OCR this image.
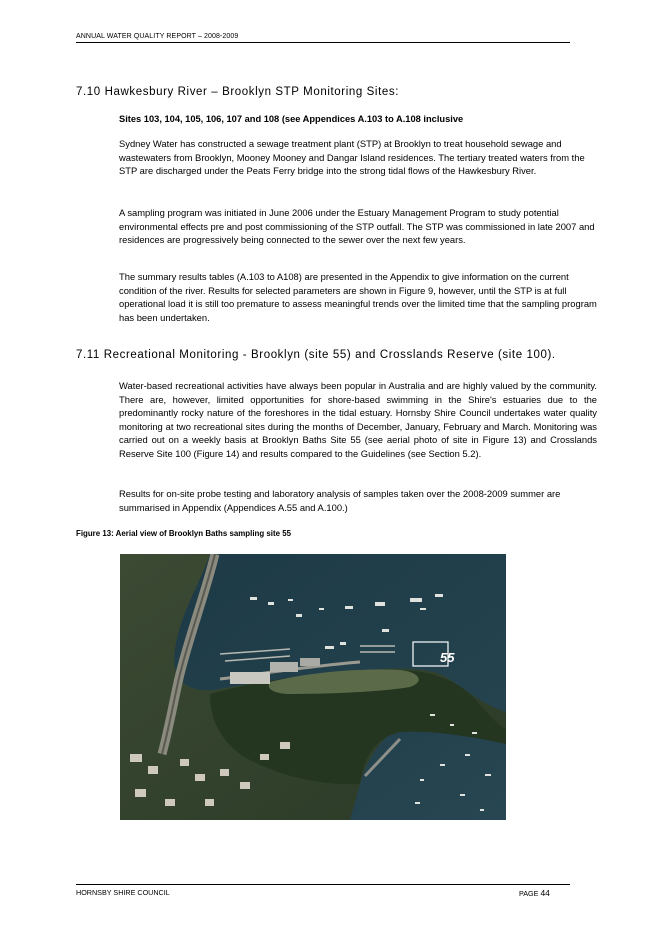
ANNUAL WATER QUALITY REPORT – 2008-2009
7.10 Hawkesbury River – Brooklyn STP Monitoring Sites:
Sites 103, 104, 105, 106, 107 and 108 (see Appendices A.103 to A.108 inclusive

Sydney Water has constructed a sewage treatment plant (STP) at Brooklyn to treat household sewage and wastewaters from Brooklyn, Mooney Mooney and Dangar Island residences. The tertiary treated waters from the STP are discharged under the Peats Ferry bridge into the strong tidal flows of the Hawkesbury River.

A sampling program was initiated in June 2006 under the Estuary Management Program to study potential environmental effects pre and post commissioning of the STP outfall. The STP was commissioned in late 2007 and residences are progressively being connected to the sewer over the next few years.

The summary results tables (A.103 to A108) are presented in the Appendix to give information on the current condition of the river. Results for selected parameters are shown in Figure 9, however, until the STP is at full operational load it is still too premature to assess meaningful trends over the limited time that the sampling program has been undertaken.

7.11 Recreational Monitoring - Brooklyn (site 55) and Crosslands Reserve (site 100).

Water-based recreational activities have always been popular in Australia and are highly valued by the community. There are, however, limited opportunities for shore-based swimming in the Shire's estuaries due to the predominantly rocky nature of the foreshores in the tidal estuary. Hornsby Shire Council undertakes water quality monitoring at two recreational sites during the months of December, January, February and March. Monitoring was carried out on a weekly basis at Brooklyn Baths Site 55 (see aerial photo of site in Figure 13) and Crosslands Reserve Site 100 (Figure 14) and results compared to the Guidelines (see Section 5.2).

Results for on-site probe testing and laboratory analysis of samples taken over the 2008-2009 summer are summarised in Appendix (Appendices A.55 and A.100.)

Figure 13: Aerial view of Brooklyn Baths sampling site 55
55
HORNSBY SHIRE COUNCIL	PAGE 44
